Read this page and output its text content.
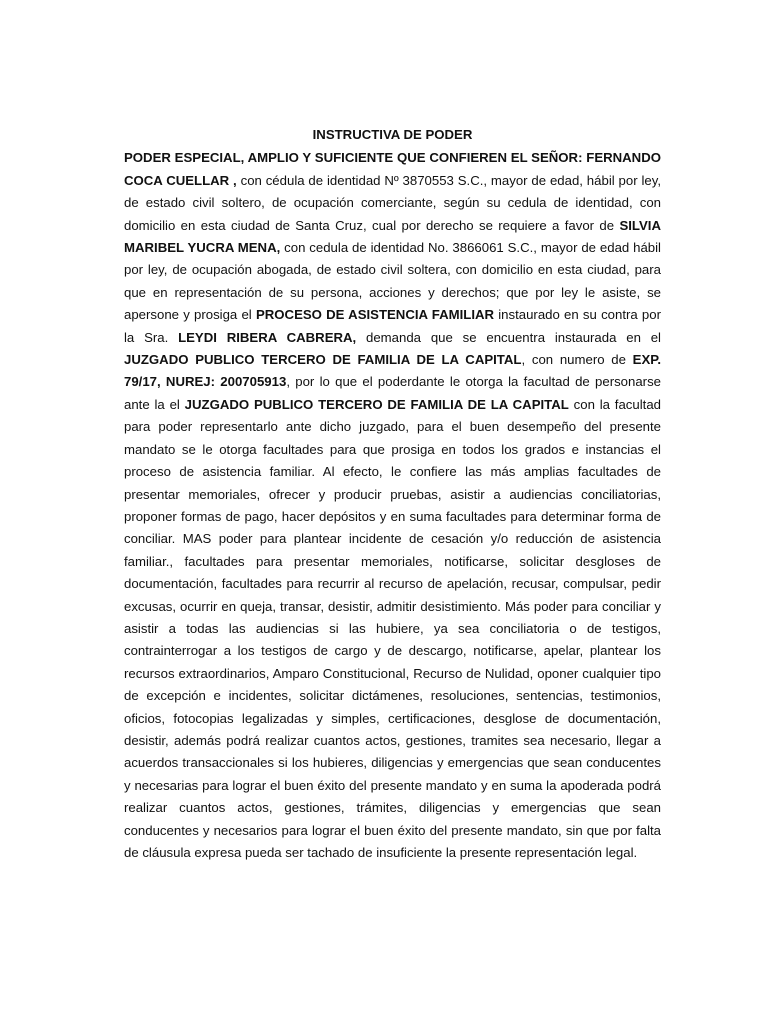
INSTRUCTIVA DE PODER

PODER ESPECIAL, AMPLIO Y SUFICIENTE QUE CONFIEREN EL SEÑOR: FERNANDO COCA CUELLAR , con cédula de identidad Nº 3870553 S.C., mayor de edad, hábil por ley, de estado civil soltero, de ocupación comerciante, según su cedula de identidad, con domicilio en esta ciudad de Santa Cruz, cual por derecho se requiere a favor de SILVIA MARIBEL YUCRA MENA, con cedula de identidad No. 3866061 S.C., mayor de edad hábil por ley, de ocupación abogada, de estado civil soltera, con domicilio en esta ciudad, para que en representación de su persona, acciones y derechos; que por ley le asiste, se apersone y prosiga el PROCESO DE ASISTENCIA FAMILIAR instaurado en su contra por la Sra. LEYDI RIBERA CABRERA, demanda que se encuentra instaurada en el JUZGADO PUBLICO TERCERO DE FAMILIA DE LA CAPITAL, con numero de EXP. 79/17, NUREJ: 200705913, por lo que el poderdante le otorga la facultad de personarse ante la el JUZGADO PUBLICO TERCERO DE FAMILIA DE LA CAPITAL con la facultad para poder representarlo ante dicho juzgado, para el buen desempeño del presente mandato se le otorga facultades para que prosiga en todos los grados e instancias el proceso de asistencia familiar. Al efecto, le confiere las más amplias facultades de presentar memoriales, ofrecer y producir pruebas, asistir a audiencias conciliatorias, proponer formas de pago, hacer depósitos y en suma facultades para determinar forma de conciliar. MAS poder para plantear incidente de cesación y/o reducción de asistencia familiar., facultades para presentar memoriales, notificarse, solicitar desgloses de documentación, facultades para recurrir al recurso de apelación, recusar, compulsar, pedir excusas, ocurrir en queja, transar, desistir, admitir desistimiento. Más poder para conciliar y asistir a todas las audiencias si las hubiere, ya sea conciliatoria o de testigos, contrainterrogar a los testigos de cargo y de descargo, notificarse, apelar, plantear los recursos extraordinarios, Amparo Constitucional, Recurso de Nulidad, oponer cualquier tipo de excepción e incidentes, solicitar dictámenes, resoluciones, sentencias, testimonios, oficios, fotocopias legalizadas y simples, certificaciones, desglose de documentación, desistir, además podrá realizar cuantos actos, gestiones, tramites sea necesario, llegar a acuerdos transaccionales si los hubieres, diligencias y emergencias que sean conducentes y necesarias para lograr el buen éxito del presente mandato y en suma la apoderada podrá realizar cuantos actos, gestiones, trámites, diligencias y emergencias que sean conducentes y necesarios para lograr el buen éxito del presente mandato, sin que por falta de cláusula expresa pueda ser tachado de insuficiente la presente representación legal.
